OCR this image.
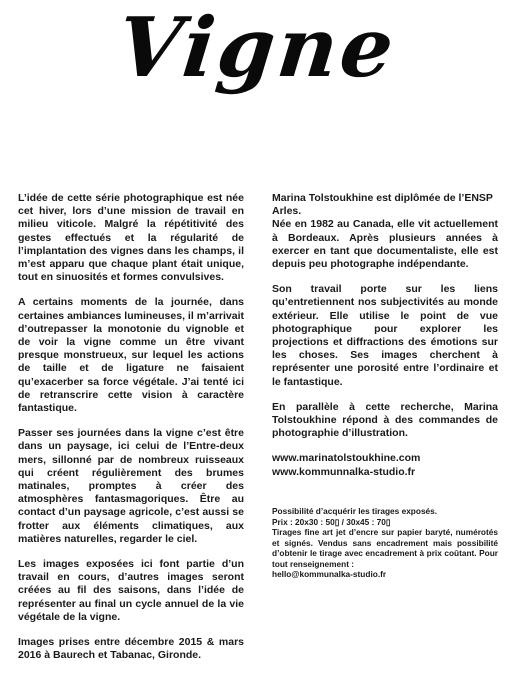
Vigne

L’idée de cette série photographique est née cet hiver, lors d’une mission de travail en milieu viticole. Malgré la répétitivité des gestes effectués et la régularité de l’implantation des vignes dans les champs, il m’est apparu que chaque plant était unique, tout en sinuosités et formes convulsives.

A certains moments de la journée, dans certaines ambiances lumineuses, il m’arrivait d’outrepasser la monotonie du vignoble et de voir la vigne comme un être vivant presque monstrueux, sur lequel les actions de taille et de ligature ne faisaient qu’exacerber sa force végétale. J’ai tenté ici de retranscrire cette vision à caractère fantastique.

Passer ses journées dans la vigne c’est être dans un paysage, ici celui de l’Entre-deux mers, sillonné par de nombreux ruisseaux qui créent régulièrement des brumes matinales, promptes à créer des atmosphères fantasmagoriques. Être au contact d’un paysage agricole, c’est aussi se frotter aux éléments climatiques, aux matières naturelles, regarder le ciel.

Les images exposées ici font partie d’un travail en cours, d’autres images seront créées au fil des saisons, dans l’idée de représenter au final un cycle annuel de la vie végétale de la vigne.

Images prises entre décembre 2015 & mars 2016 à Baurech et Tabanac, Gironde.

Marina Tolstoukhine est diplômée de l’ENSP Arles.

Née en 1982 au Canada, elle vit actuellement à Bordeaux. Après plusieurs années à exercer en tant que documentaliste, elle est depuis peu photographe indépendante.

Son travail porte sur les liens qu’entretiennent nos subjectivités au monde extérieur. Elle utilise le point de vue photographique pour explorer les projections et diffractions des émotions sur les choses. Ses images cherchent à représenter une porosité entre l’ordinaire et le fantastique.

En parallèle à cette recherche, Marina Tolstoukhine répond à des commandes de photographie d’illustration.

www.marinatolstoukhine.com

www.kommunnalka-studio.fr

Possibilité d’acquérir les tirages exposés.
Prix : 20x30 : 50▯ / 30x45 : 70▯
Tirages fine art jet d’encre sur papier baryté, numérotés et signés. Vendus sans encadrement mais possibilité d’obtenir le tirage avec encadrement à prix coûtant. Pour tout renseignement :
hello@kommunalka-studio.fr
